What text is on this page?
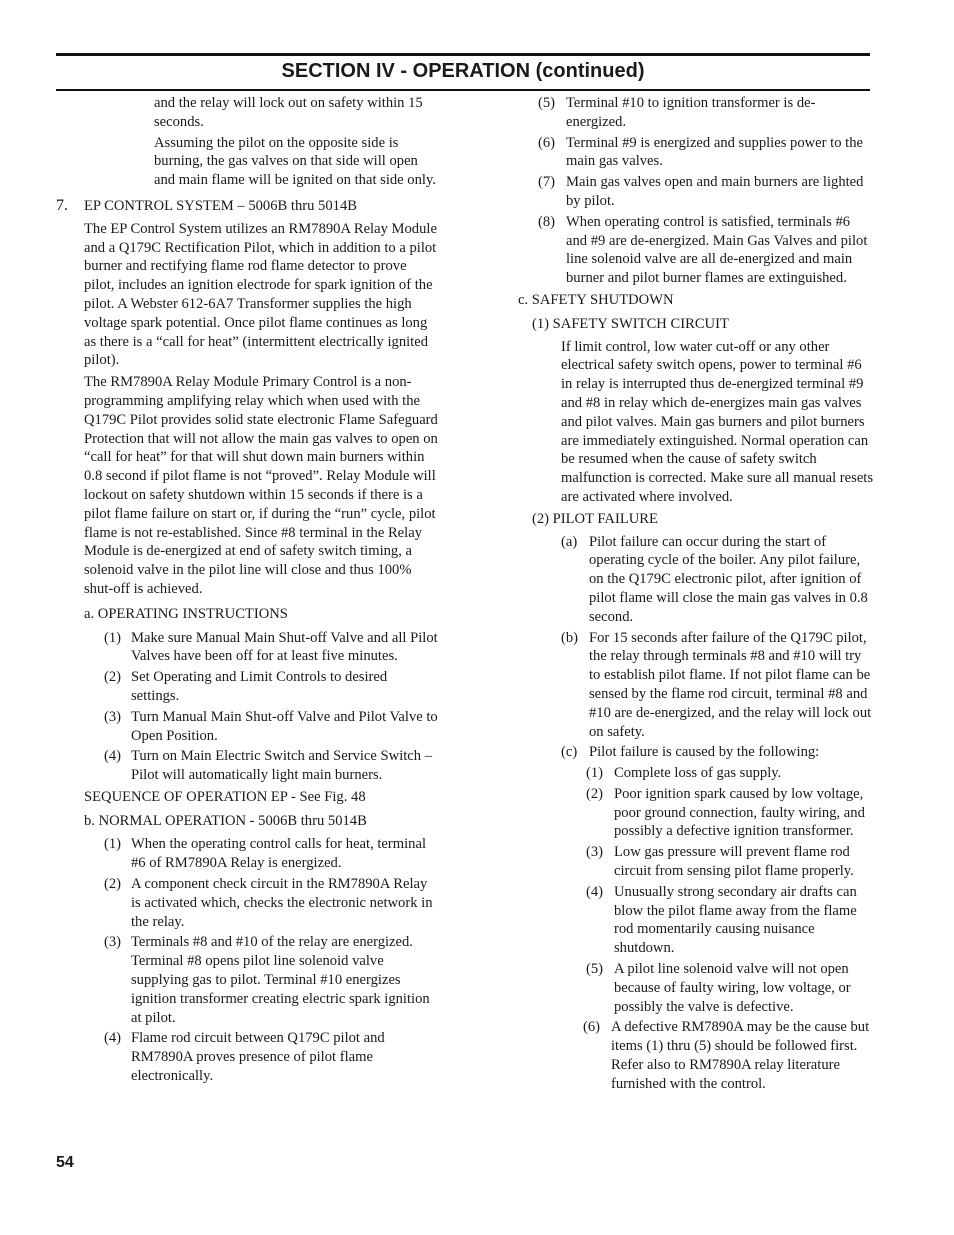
SECTION IV - OPERATION (continued)

and the relay will lock out on safety within 15 seconds.

Assuming the pilot on the opposite side is burning, the gas valves on that side will open and main flame will be ignited on that side only.

7.	EP CONTROL SYSTEM – 5006B thru 5014B

The EP Control System utilizes an RM7890A Relay Module and a Q179C Rectification Pilot, which in addition to a pilot burner and rectifying flame rod flame detector to prove pilot, includes an ignition electrode for spark ignition of the pilot. A Webster 612-6A7 Transformer supplies the high voltage spark potential. Once pilot flame continues as long as there is a “call for heat” (intermittent electrically ignited pilot).

The RM7890A Relay Module Primary Control is a non-programming amplifying relay which when used with the Q179C Pilot provides solid state electronic Flame Safeguard Protection that will not allow the main gas valves to open on “call for heat” for that will shut down main burners within 0.8 second if pilot flame is not “proved”. Relay Module will lockout on safety shutdown within 15 seconds if there is a pilot flame failure on start or, if during the “run” cycle, pilot flame is not re-established. Since #8 terminal in the Relay Module is de-energized at end of safety switch timing, a solenoid valve in the pilot line will close and thus 100% shut-off is achieved.

a. OPERATING INSTRUCTIONS

(1) Make sure Manual Main Shut-off Valve and all Pilot Valves have been off for at least five minutes.
(2) Set Operating and Limit Controls to desired settings.
(3) Turn Manual Main Shut-off Valve and Pilot Valve to Open Position.
(4) Turn on Main Electric Switch and Service Switch – Pilot will automatically light main burners.

SEQUENCE OF OPERATION EP - See Fig. 48

b. NORMAL OPERATION - 5006B thru 5014B

(1) When the operating control calls for heat, terminal #6 of RM7890A Relay is energized.
(2) A component check circuit in the RM7890A Relay is activated which, checks the electronic network in the relay.
(3) Terminals #8 and #10 of the relay are energized. Terminal #8 opens pilot line solenoid valve supplying gas to pilot. Terminal #10 energizes ignition transformer creating electric spark ignition at pilot.
(4) Flame rod circuit between Q179C pilot and RM7890A proves presence of pilot flame electronically.
(5) Terminal #10 to ignition transformer is de-energized.
(6) Terminal #9 is energized and supplies power to the main gas valves.
(7) Main gas valves open and main burners are lighted by pilot.
(8) When operating control is satisfied, terminals #6 and #9 are de-energized. Main Gas Valves and pilot line solenoid valve are all de-energized and main burner and pilot burner flames are extinguished.

c. SAFETY SHUTDOWN

(1) SAFETY SWITCH CIRCUIT

If limit control, low water cut-off or any other electrical safety switch opens, power to terminal #6 in relay is interrupted thus de-energized terminal #9 and #8 in relay which de-energizes main gas valves and pilot valves. Main gas burners and pilot burners are immediately extinguished. Normal operation can be resumed when the cause of safety switch malfunction is corrected. Make sure all manual resets are activated where involved.

(2) PILOT FAILURE

(a) Pilot failure can occur during the start of operating cycle of the boiler. Any pilot failure, on the Q179C electronic pilot, after ignition of pilot flame will close the main gas valves in 0.8 second.
(b) For 15 seconds after failure of the Q179C pilot, the relay through terminals #8 and #10 will try to establish pilot flame. If not pilot flame can be sensed by the flame rod circuit, terminal #8 and #10 are de-energized, and the relay will lock out on safety.
(c) Pilot failure is caused by the following:
(1) Complete loss of gas supply.
(2) Poor ignition spark caused by low voltage, poor ground connection, faulty wiring, and possibly a defective ignition transformer.
(3) Low gas pressure will prevent flame rod circuit from sensing pilot flame properly.
(4) Unusually strong secondary air drafts can blow the pilot flame away from the flame rod momentarily causing nuisance shutdown.
(5) A pilot line solenoid valve will not open because of faulty wiring, low voltage, or possibly the valve is defective.
(6) A defective RM7890A may be the cause but items (1) thru (5) should be followed first. Refer also to RM7890A relay literature furnished with the control.
54
